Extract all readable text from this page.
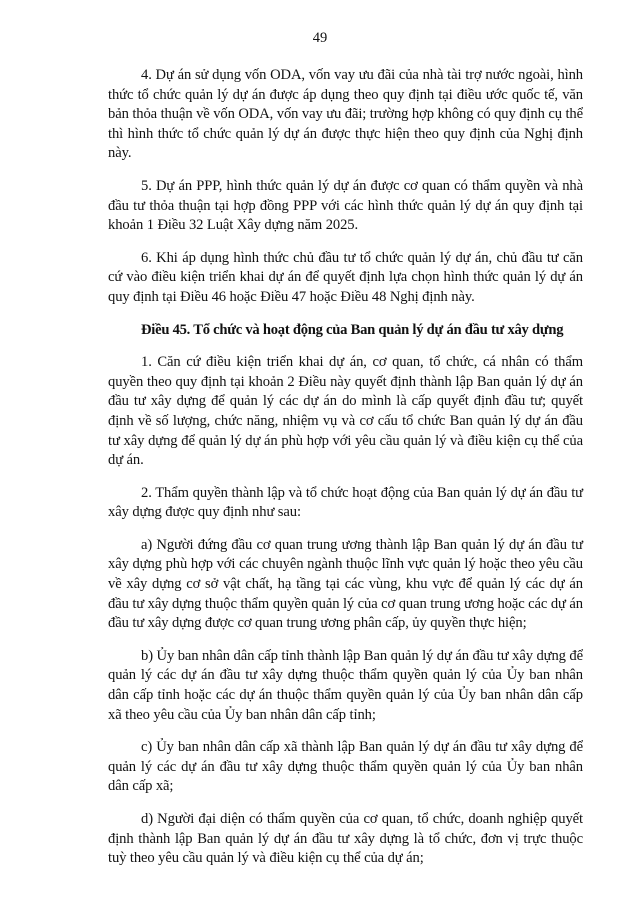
49

4. Dự án sử dụng vốn ODA, vốn vay ưu đãi của nhà tài trợ nước ngoài, hình thức tổ chức quản lý dự án được áp dụng theo quy định tại điều ước quốc tế, văn bản thỏa thuận về vốn ODA, vốn vay ưu đãi; trường hợp không có quy định cụ thể thì hình thức tổ chức quản lý dự án được thực hiện theo quy định của Nghị định này.

5. Dự án PPP, hình thức quản lý dự án được cơ quan có thẩm quyền và nhà đầu tư thỏa thuận tại hợp đồng PPP với các hình thức quản lý dự án quy định tại khoản 1 Điều 32 Luật Xây dựng năm 2025.

6. Khi áp dụng hình thức chủ đầu tư tổ chức quản lý dự án, chủ đầu tư căn cứ vào điều kiện triển khai dự án để quyết định lựa chọn hình thức quản lý dự án quy định tại Điều 46 hoặc Điều 47 hoặc Điều 48 Nghị định này.

Điều 45. Tổ chức và hoạt động của Ban quản lý dự án đầu tư xây dựng

1. Căn cứ điều kiện triển khai dự án, cơ quan, tổ chức, cá nhân có thẩm quyền theo quy định tại khoản 2 Điều này quyết định thành lập Ban quản lý dự án đầu tư xây dựng để quản lý các dự án do mình là cấp quyết định đầu tư; quyết định về số lượng, chức năng, nhiệm vụ và cơ cấu tổ chức Ban quản lý dự án đầu tư xây dựng để quản lý dự án phù hợp với yêu cầu quản lý và điều kiện cụ thể của dự án.

2. Thẩm quyền thành lập và tổ chức hoạt động của Ban quản lý dự án đầu tư xây dựng được quy định như sau:

a) Người đứng đầu cơ quan trung ương thành lập Ban quản lý dự án đầu tư xây dựng phù hợp với các chuyên ngành thuộc lĩnh vực quản lý hoặc theo yêu cầu về xây dựng cơ sở vật chất, hạ tầng tại các vùng, khu vực để quản lý các dự án đầu tư xây dựng thuộc thẩm quyền quản lý của cơ quan trung ương hoặc các dự án đầu tư xây dựng được cơ quan trung ương phân cấp, ủy quyền thực hiện;

b) Ủy ban nhân dân cấp tỉnh thành lập Ban quản lý dự án đầu tư xây dựng để quản lý các dự án đầu tư xây dựng thuộc thẩm quyền quản lý của Ủy ban nhân dân cấp tỉnh hoặc các dự án thuộc thẩm quyền quản lý của Ủy ban nhân dân cấp xã theo yêu cầu của Ủy ban nhân dân cấp tỉnh;

c) Ủy ban nhân dân cấp xã thành lập Ban quản lý dự án đầu tư xây dựng để quản lý các dự án đầu tư xây dựng thuộc thẩm quyền quản lý của Ủy ban nhân dân cấp xã;

d) Người đại diện có thẩm quyền của cơ quan, tổ chức, doanh nghiệp quyết định thành lập Ban quản lý dự án đầu tư xây dựng là tổ chức, đơn vị trực thuộc tuỳ theo yêu cầu quản lý và điều kiện cụ thể của dự án;
